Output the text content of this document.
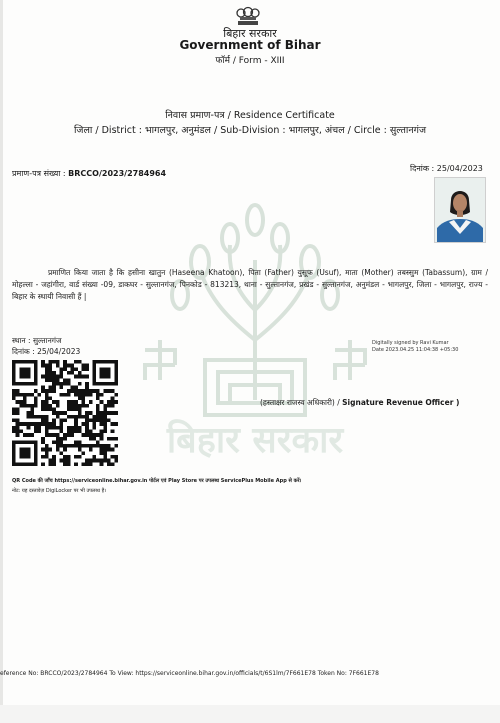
बिहार सरकार
Government of Bihar
फॉर्म / Form - XIII
बिहार सरकार
निवास प्रमाण-पत्र / Residence Certificate
जिला / District : भागलपुर, अनुमंडल / Sub-Division : भागलपुर, अंचल / Circle : सुल्तानगंज
प्रमाण-पत्र संख्या : BRCCO/2023/2784964
दिनांक : 25/04/2023
प्रमाणित किया जाता है कि हसीना खातुन (Haseena Khatoon), पिता (Father) युसूफ (Usuf), माता (Mother) तबस्सुम (Tabassum), ग्राम / मोहल्ला - जहांगीरा, वार्ड संख्या -09, डाकघर - सुल्तानगंज, पिनकोड - 813213, थाना - सुल्तानगंज, प्रखंड - सुल्तानगंज, अनुमंडल - भागलपुर, जिला - भागलपुर, राज्य - बिहार के स्थायी निवासी हैं |
स्थान : सुल्तानगंज
दिनांक : 25/04/2023
Digitally signed by Ravi Kumar
Date 2023.04.25 11:04:38 +05:30
(हस्ताक्षर राजस्व अधिकारी) / Signature Revenue Officer )
QR Code की जाँच https://serviceonline.bihar.gov.in पोर्टल एवं Play Store पर उपलब्ध ServicePlus Mobile App से करें।
नोट: यह दस्तावेज़ DigiLocker पर भी उपलब्ध है।
eference No: BRCCO/2023/2784964 To View: https://serviceonline.bihar.gov.in/officials/t/6S1lm/7F661E78 Token No: 7F661E78
